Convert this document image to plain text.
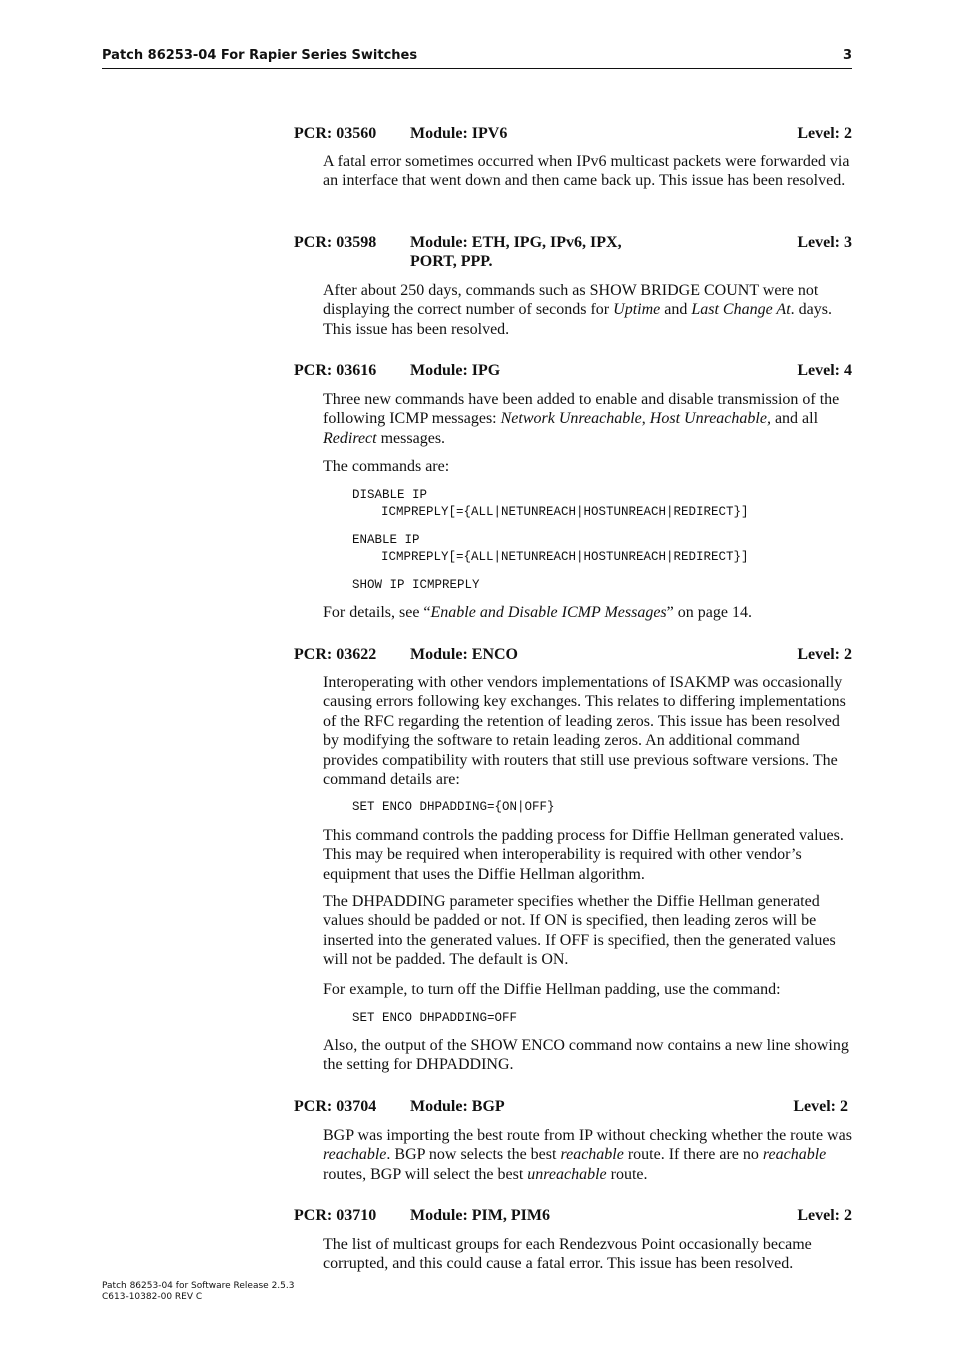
Patch 86253-04 For Rapier Series Switches	3
PCR: 03560 Module: IPV6	Level: 2

A fatal error sometimes occurred when IPv6 multicast packets were forwarded via an interface that went down and then came back up. This issue has been resolved.

PCR: 03598 Module: ETH, IPG, IPv6, IPX,
PORT, PPP.
Level: 3

After about 250 days, commands such as SHOW BRIDGE COUNT were not displaying the correct number of seconds for Uptime and Last Change At. days. This issue has been resolved.

PCR: 03616 Module: IPG	Level: 4

Three new commands have been added to enable and disable transmission of the following ICMP messages: Network Unreachable, Host Unreachable, and all Redirect messages.

The commands are:

DISABLE IP
ICMPREPLY[={ALL|NETUNREACH|HOSTUNREACH|REDIRECT}]
ENABLE IP
ICMPREPLY[={ALL|NETUNREACH|HOSTUNREACH|REDIRECT}]
SHOW IP ICMPREPLY

For details, see “Enable and Disable ICMP Messages” on page 14.

PCR: 03622 Module: ENCO	Level: 2

Interoperating with other vendors implementations of ISAKMP was occasionally causing errors following key exchanges. This relates to differing implementations of the RFC regarding the retention of leading zeros. This issue has been resolved by modifying the software to retain leading zeros. An additional command provides compatibility with routers that still use previous software versions. The command details are:

SET ENCO DHPADDING={ON|OFF}

This command controls the padding process for Diffie Hellman generated values. This may be required when interoperability is required with other vendor’s equipment that uses the Diffie Hellman algorithm.

The DHPADDING parameter specifies whether the Diffie Hellman generated values should be padded or not. If ON is specified, then leading zeros will be inserted into the generated values. If OFF is specified, then the generated values will not be padded. The default is ON.

For example, to turn off the Diffie Hellman padding, use the command:

SET ENCO DHPADDING=OFF

Also, the output of the SHOW ENCO command now contains a new line showing the setting for DHPADDING.

PCR: 03704 Module: BGP	Level: 2

BGP was importing the best route from IP without checking whether the route was reachable. BGP now selects the best reachable route. If there are no reachable routes, BGP will select the best unreachable route.

PCR: 03710 Module: PIM, PIM6	Level: 2

The list of multicast groups for each Rendezvous Point occasionally became corrupted, and this could cause a fatal error. This issue has been resolved.

Patch 86253-04 for Software Release 2.5.3
C613-10382-00 REV C
